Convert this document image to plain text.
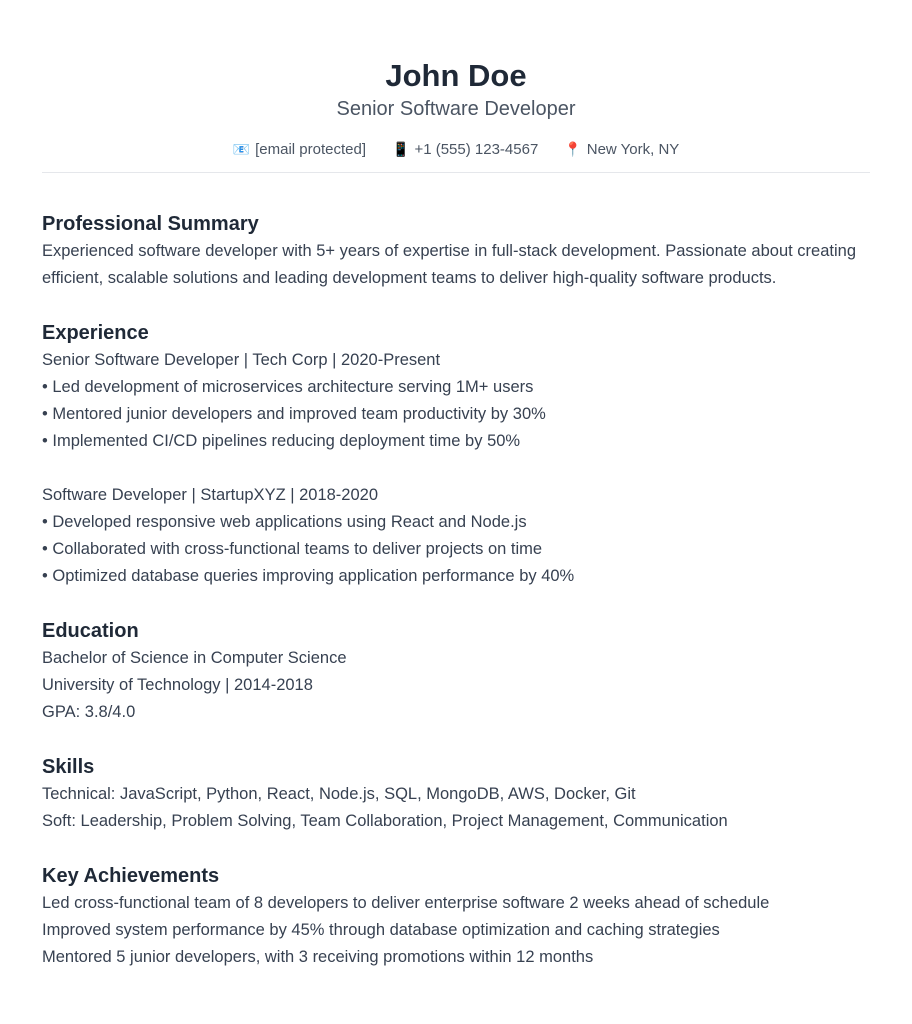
John Doe
Senior Software Developer
📧 [email protected] 📱 +1 (555) 123-4567 📍 New York, NY
Professional Summary
Experienced software developer with 5+ years of expertise in full-stack development. Passionate about creating efficient, scalable solutions and leading development teams to deliver high-quality software products.
Experience
Senior Software Developer | Tech Corp | 2020-Present
• Led development of microservices architecture serving 1M+ users
• Mentored junior developers and improved team productivity by 30%
• Implemented CI/CD pipelines reducing deployment time by 50%
Software Developer | StartupXYZ | 2018-2020
• Developed responsive web applications using React and Node.js
• Collaborated with cross-functional teams to deliver projects on time
• Optimized database queries improving application performance by 40%
Education
Bachelor of Science in Computer Science
University of Technology | 2014-2018
GPA: 3.8/4.0
Skills
Technical: JavaScript, Python, React, Node.js, SQL, MongoDB, AWS, Docker, Git
Soft: Leadership, Problem Solving, Team Collaboration, Project Management, Communication
Key Achievements
Led cross-functional team of 8 developers to deliver enterprise software 2 weeks ahead of schedule
Improved system performance by 45% through database optimization and caching strategies
Mentored 5 junior developers, with 3 receiving promotions within 12 months
